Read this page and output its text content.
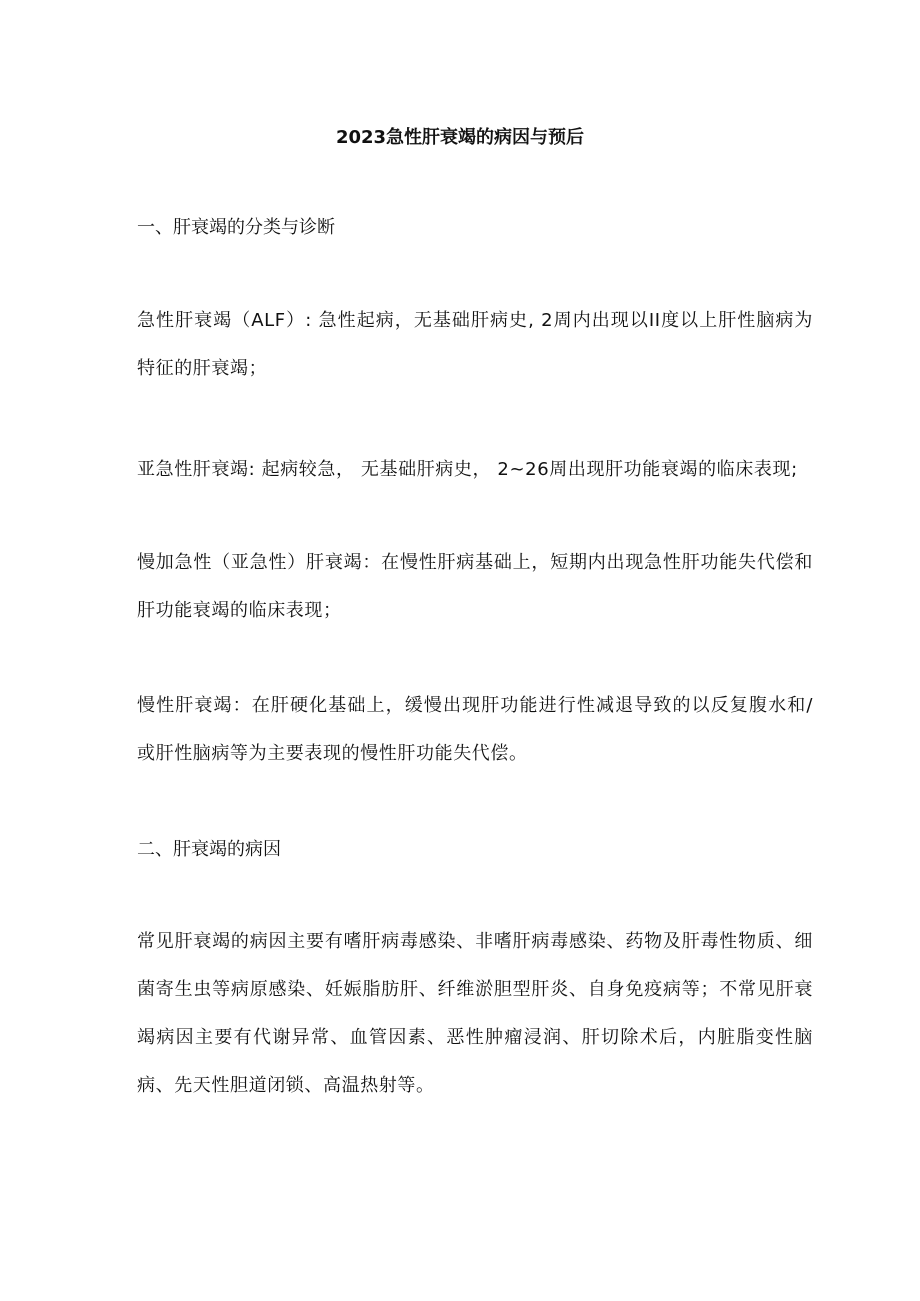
2023急性肝衰竭的病因与预后
一、肝衰竭的分类与诊断
急性肝衰竭（ALF）: 急性起病，无基础肝病史, 2周内出现以II度以上肝性脑病为特征的肝衰竭；
亚急性肝衰竭: 起病较急， 无基础肝病史， 2~26周出现肝功能衰竭的临床表现;
慢加急性（亚急性）肝衰竭：在慢性肝病基础上，短期内出现急性肝功能失代偿和肝功能衰竭的临床表现；
慢性肝衰竭：在肝硬化基础上，缓慢出现肝功能进行性减退导致的以反复腹水和/或肝性脑病等为主要表现的慢性肝功能失代偿。
二、肝衰竭的病因
常见肝衰竭的病因主要有嗜肝病毒感染、非嗜肝病毒感染、药物及肝毒性物质、细菌寄生虫等病原感染、妊娠脂肪肝、纤维淤胆型肝炎、自身免疫病等；不常见肝衰竭病因主要有代谢异常、血管因素、恶性肿瘤浸润、肝切除术后，内脏脂变性脑病、先天性胆道闭锁、高温热射等。
